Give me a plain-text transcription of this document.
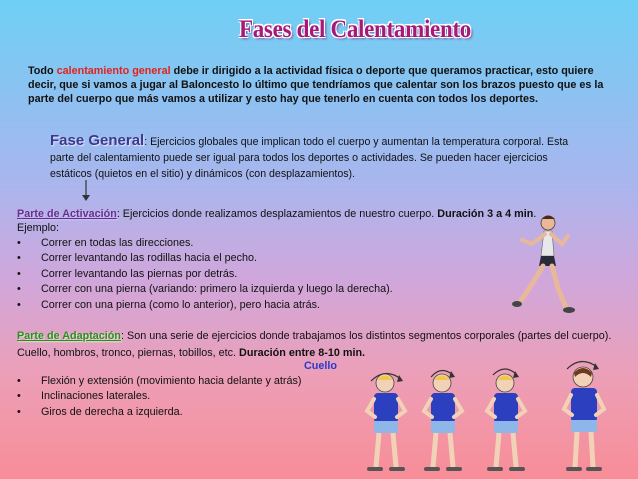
Fases del Calentamiento

Todo calentamiento general debe ir dirigido a la actividad física o deporte que queramos practicar, esto quiere decir, que si vamos a jugar al Baloncesto lo último que tendríamos que calentar son los brazos puesto que es la parte del cuerpo que más vamos a utilizar y esto hay que tenerlo en cuenta con todos los deportes.

Fase General: Ejercicios globales que implican todo el cuerpo y aumentan la temperatura corporal. Esta parte del calentamiento puede ser igual para todos los deportes o actividades. Se pueden hacer ejercicios estáticos (quietos en el sitio) y dinámicos (con desplazamientos).

Parte de Activación: Ejercicios donde realizamos desplazamientos de nuestro cuerpo. Duración 3 a 4 min.

Ejemplo:

• Correr en todas las direcciones.
• Correr levantando las rodillas hacia el pecho.
• Correr levantando las piernas por detrás.
• Correr con una pierna (variando: primero la izquierda y luego la derecha).
• Correr con una pierna (como lo anterior), pero hacia atrás.

Parte de Adaptación: Son una serie de ejercicios donde trabajamos los distintos segmentos corporales (partes del cuerpo). Cuello, hombros, tronco, piernas, tobillos, etc. Duración entre 8-10 min.

Cuello

• Flexión y extensión (movimiento hacia delante y atrás)
• Inclinaciones laterales.
• Giros de derecha a izquierda.
